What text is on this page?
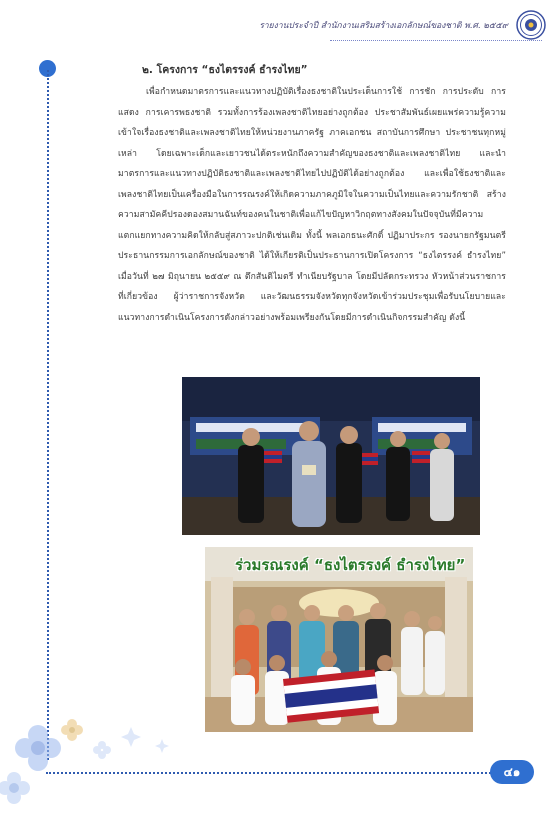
รายงานประจำปี สำนักงานเสริมสร้างเอกลักษณ์ของชาติ พ.ศ. ๒๕๕๙
๔๑
๒. โครงการ “ธงไตรรงค์ ธำรงไทย”

เพื่อกำหนดมาตรการและแนวทางปฏิบัติเรื่องธงชาติในประเด็นการใช้ การชัก การประดับ การแสดง การเคารพธงชาติ รวมทั้งการร้องเพลงชาติไทยอย่างถูกต้อง ประชาสัมพันธ์เผยแพร่ความรู้ความเข้าใจเรื่องธงชาติและเพลงชาติไทยให้หน่วยงานภาครัฐ ภาคเอกชน สถาบันการศึกษา ประชาชนทุกหมู่เหล่า โดยเฉพาะเด็กและเยาวชนได้ตระหนักถึงความสำคัญของธงชาติและเพลงชาติไทย และนำมาตรการและแนวทางปฏิบัติธงชาติและเพลงชาติไทยไปปฏิบัติได้อย่างถูกต้อง และเพื่อใช้ธงชาติและเพลงชาติไทยเป็นเครื่องมือในการรณรงค์ให้เกิดความภาคภูมิใจในความเป็นไทยและความรักชาติ สร้างความสามัคคีปรองดองสมานฉันท์ของคนในชาติเพื่อแก้ไขปัญหาวิกฤตทางสังคมในปัจจุบันที่มีความแตกแยกทางความคิดให้กลับสู่สภาวะปกติเช่นเดิม ทั้งนี้ พลเอกธนะศักดิ์ ปฏิมาประกร รองนายกรัฐมนตรี ประธานกรรมการเอกลักษณ์ของชาติ ได้ให้เกียรติเป็นประธานการเปิดโครงการ “ธงไตรรงค์ ธำรงไทย” เมื่อวันที่ ๒๗ มิถุนายน ๒๕๕๙ ณ ตึกสันติไมตรี ทำเนียบรัฐบาล โดยมีปลัดกระทรวง หัวหน้าส่วนราชการที่เกี่ยวข้อง ผู้ว่าราชการจังหวัด และวัฒนธรรมจังหวัดทุกจังหวัดเข้าร่วมประชุมเพื่อรับนโยบายและแนวทางการดำเนินโครงการดังกล่าวอย่างพร้อมเพรียงกันโดยมีการดำเนินกิจกรรมสำคัญ ดังนี้

ร่วมรณรงค์ “ธงไตรรงค์ ธำรงไทย”
